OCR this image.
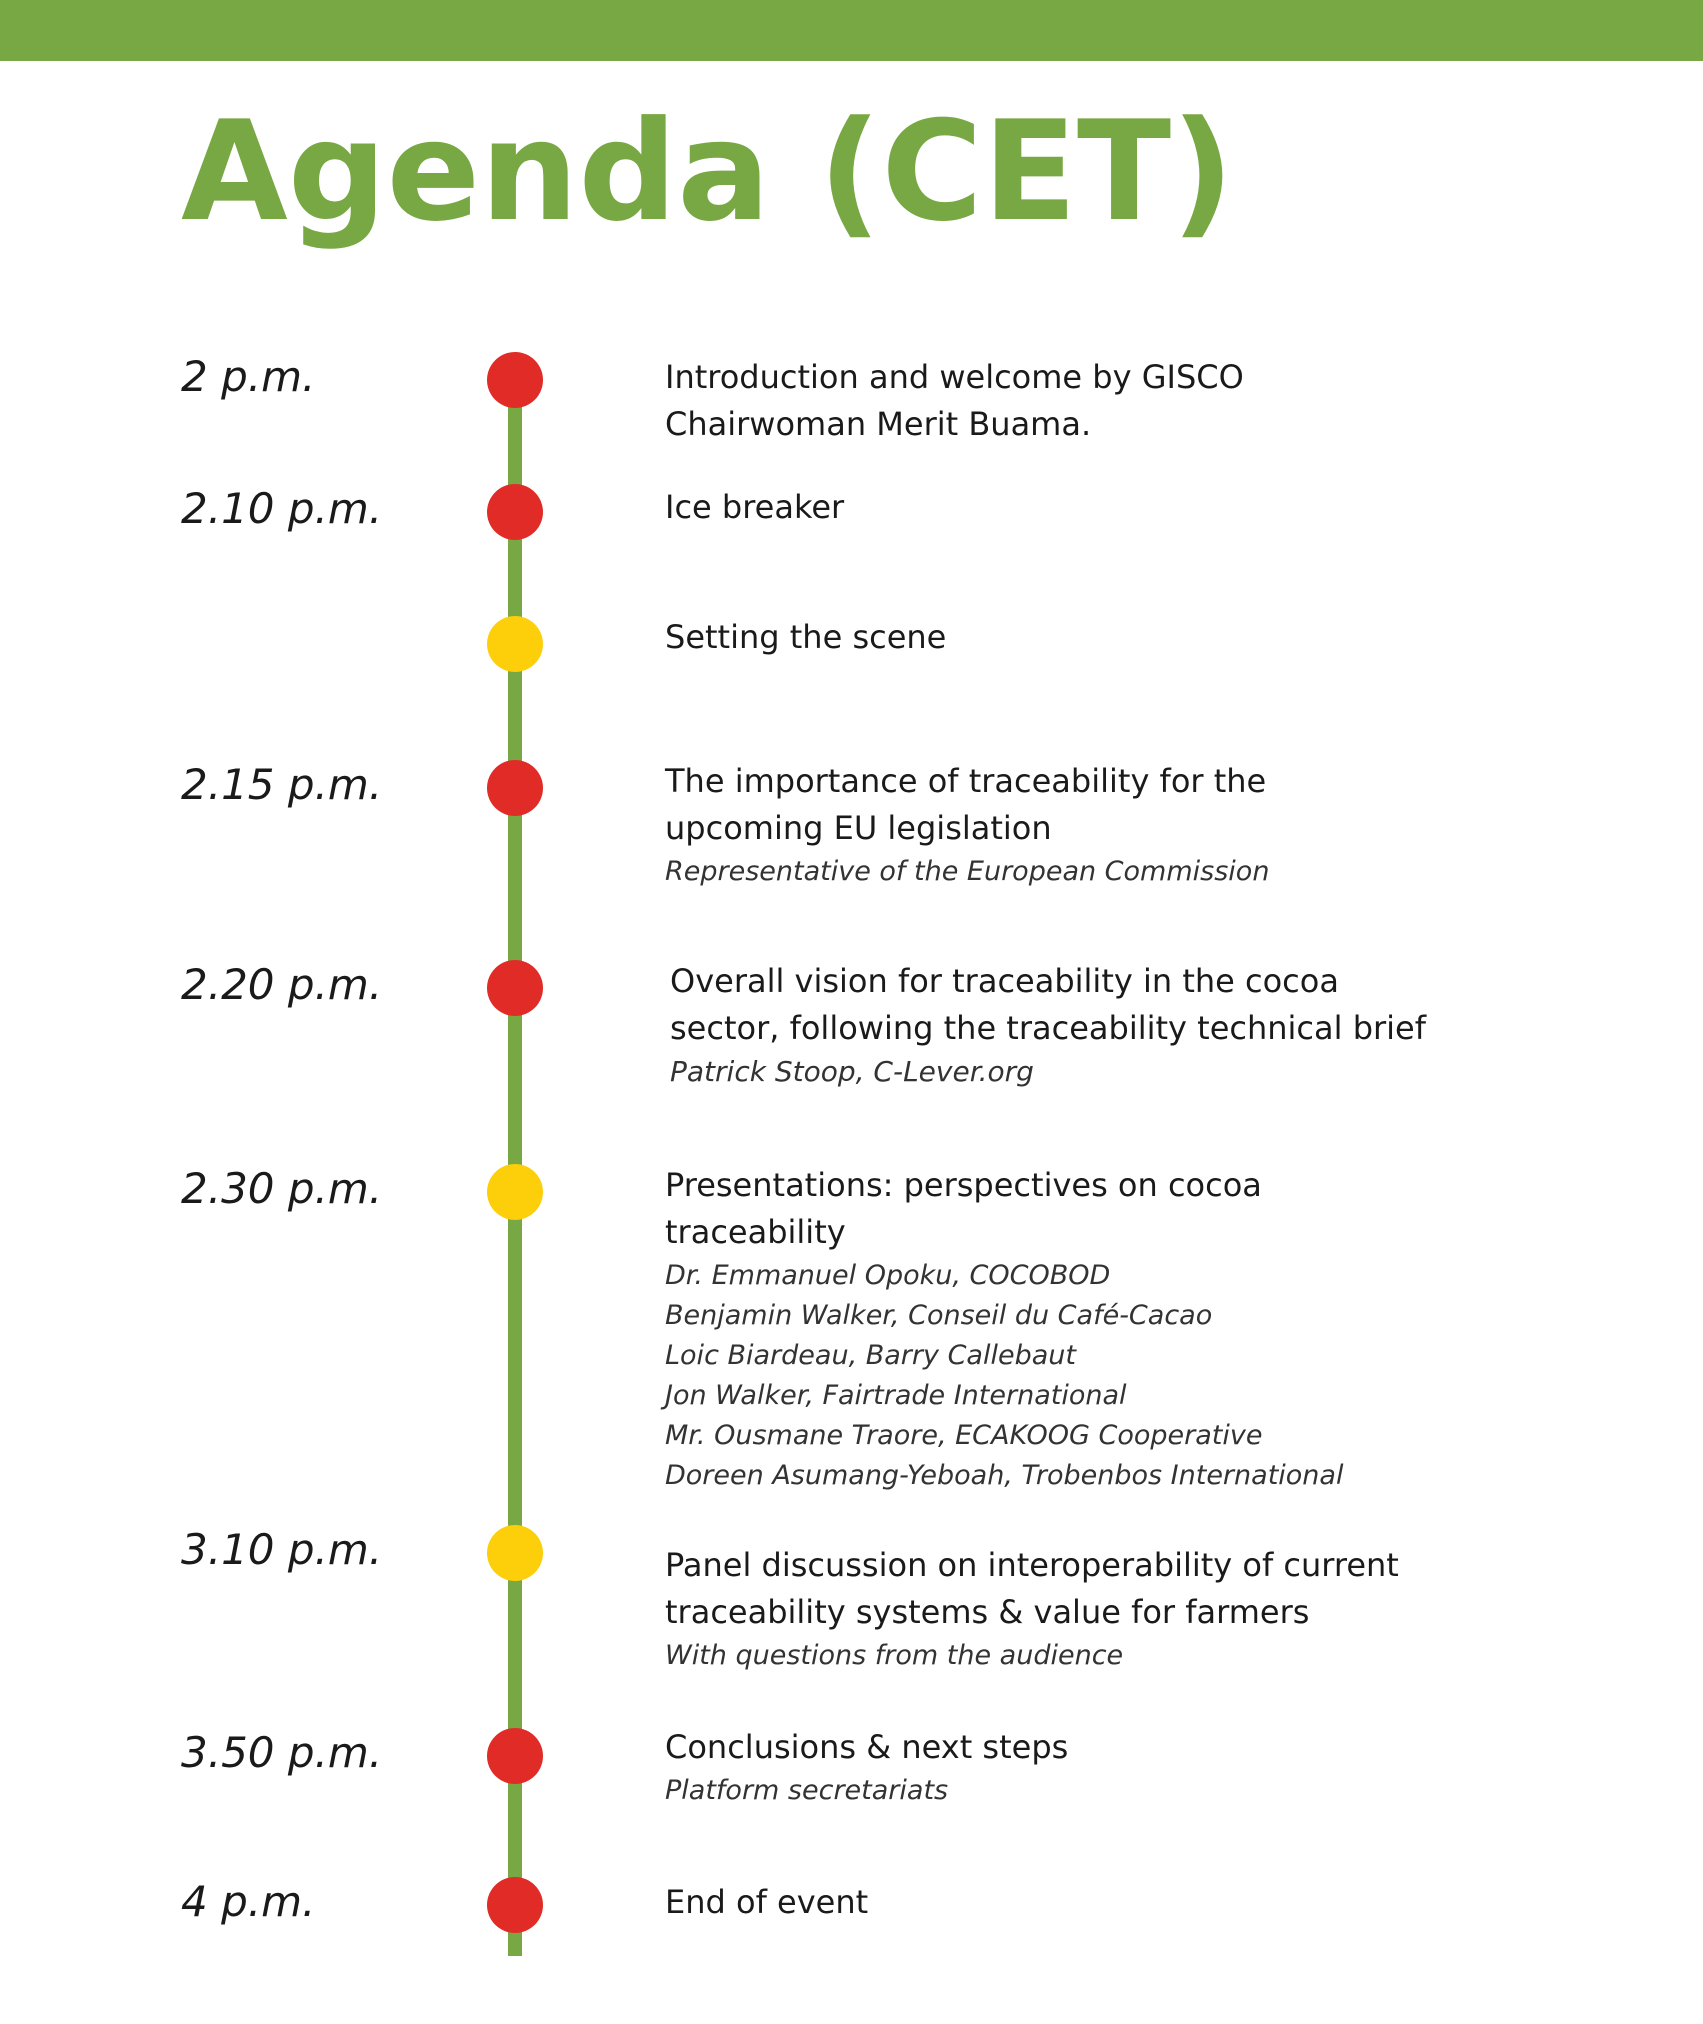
Agenda (CET)
2 p.m.	Introduction and welcome by GISCO
Chairwoman Merit Buama.

2.10 p.m.	Ice breaker

Setting the scene

2.15 p.m.	The importance of traceability for the
upcoming EU legislation

Representative of the European Commission
2.20 p.m.	Overall vision for traceability in the cocoa
sector, following the traceability technical brief

Patrick Stoop, C-Lever.org
2.30 p.m.	Presentations: perspectives on cocoa
traceability

Dr. Emmanuel Opoku, COCOBOD
Benjamin Walker, Conseil du Café-Cacao
Loic Biardeau, Barry Callebaut
Jon Walker, Fairtrade International
Mr. Ousmane Traore, ECAKOOG Cooperative
Doreen Asumang-Yeboah, Trobenbos International
3.10 p.m.	Panel discussion on interoperability of current
traceability systems & value for farmers

With questions from the audience
3.50 p.m.	Conclusions & next steps

Platform secretariats
4 p.m.	End of event
